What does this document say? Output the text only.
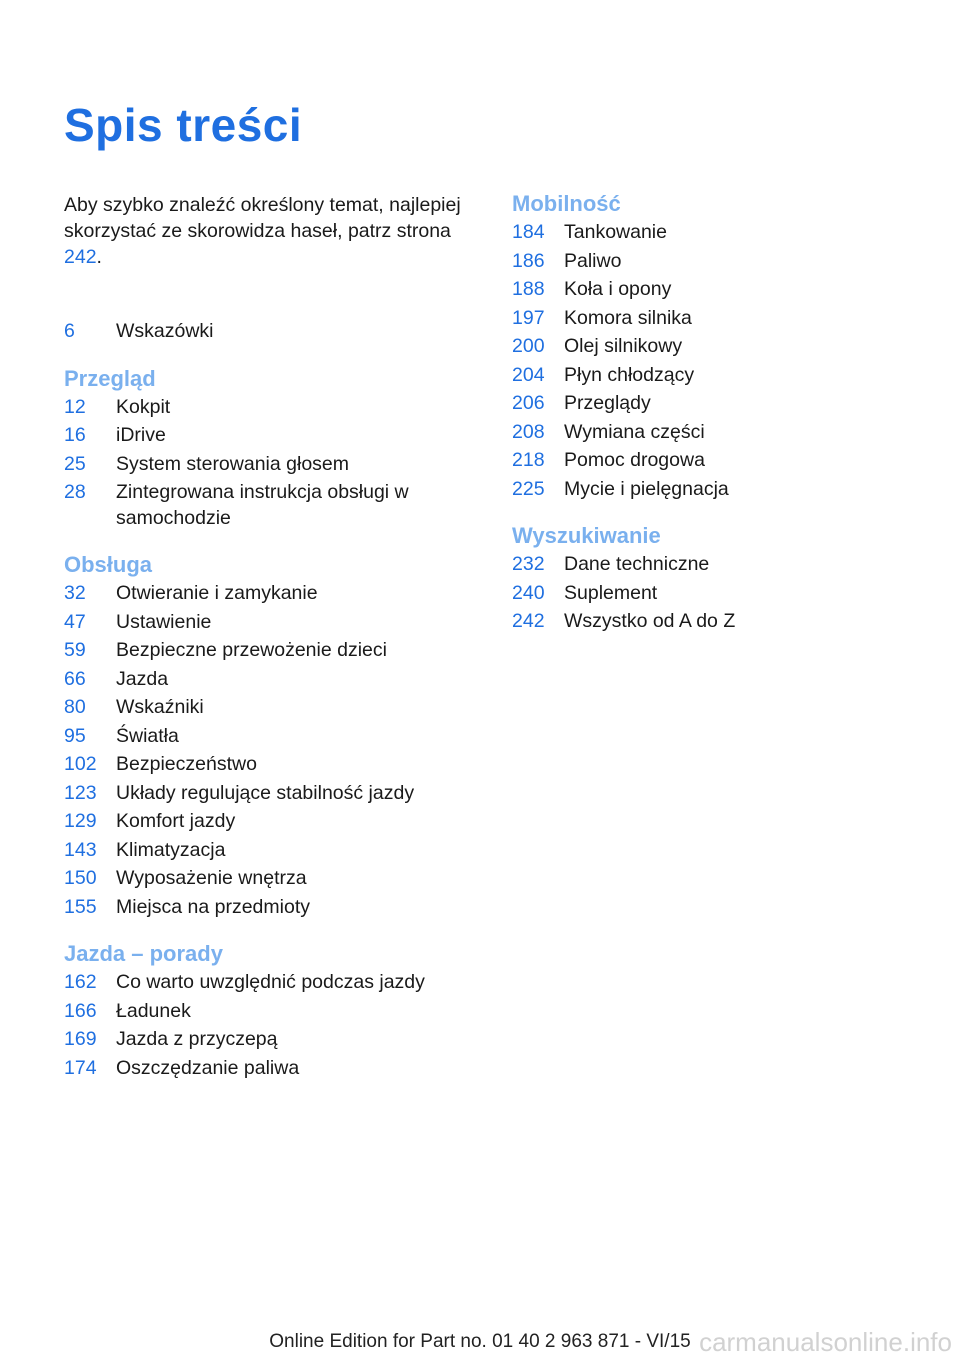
Spis treści
Aby szybko znaleźć określony temat, najlepiej skorzystać ze skorowidza haseł, patrz strona 242.
6	Wskazówki
Przegląd
12	Kokpit
16	iDrive
25	System sterowania głosem
28	Zintegrowana instrukcja obsługi w samochodzie
Obsługa
32	Otwieranie i zamykanie
47	Ustawienie
59	Bezpieczne przewożenie dzieci
66	Jazda
80	Wskaźniki
95	Światła
102 Bezpieczeństwo
123 Układy regulujące stabilność jazdy
129 Komfort jazdy
143 Klimatyzacja
150 Wyposażenie wnętrza
155 Miejsca na przedmioty
Jazda – porady
162 Co warto uwzględnić podczas jazdy
166 Ładunek
169 Jazda z przyczepą
174 Oszczędzanie paliwa
Mobilność
184 Tankowanie
186 Paliwo
188 Koła i opony
197 Komora silnika
200 Olej silnikowy
204 Płyn chłodzący
206 Przeglądy
208 Wymiana części
218 Pomoc drogowa
225 Mycie i pielęgnacja
Wyszukiwanie
232 Dane techniczne
240 Suplement
242 Wszystko od A do Z
Online Edition for Part no. 01 40 2 963 871 - VI/15 carmanualsonline.info
